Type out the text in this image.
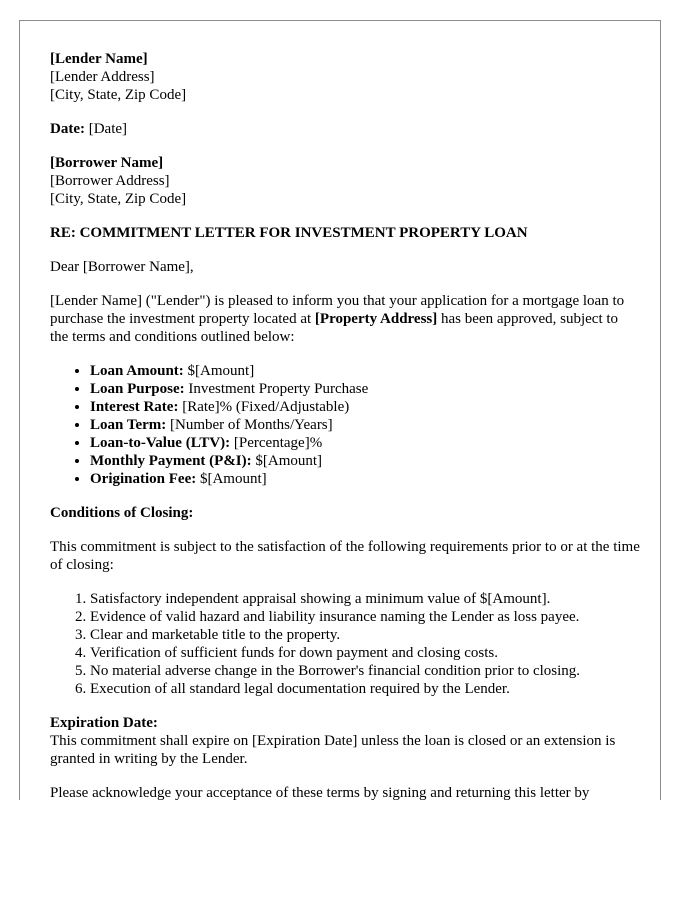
[Lender Name]
[Lender Address]
[City, State, Zip Code]

Date: [Date]

[Borrower Name]
[Borrower Address]
[City, State, Zip Code]

RE: COMMITMENT LETTER FOR INVESTMENT PROPERTY LOAN

Dear [Borrower Name],

[Lender Name] ("Lender") is pleased to inform you that your application for a mortgage loan to purchase the investment property located at [Property Address] has been approved, subject to the terms and conditions outlined below:

• Loan Amount: $[Amount]
• Loan Purpose: Investment Property Purchase
• Interest Rate: [Rate]% (Fixed/Adjustable)
• Loan Term: [Number of Months/Years]
• Loan-to-Value (LTV): [Percentage]%
• Monthly Payment (P&I): $[Amount]
• Origination Fee: $[Amount]

Conditions of Closing:

This commitment is subject to the satisfaction of the following requirements prior to or at the time of closing:

1. Satisfactory independent appraisal showing a minimum value of $[Amount].
2. Evidence of valid hazard and liability insurance naming the Lender as loss payee.
3. Clear and marketable title to the property.
4. Verification of sufficient funds for down payment and closing costs.
5. No material adverse change in the Borrower's financial condition prior to closing.
6. Execution of all standard legal documentation required by the Lender.

Expiration Date:
This commitment shall expire on [Expiration Date] unless the loan is closed or an extension is granted in writing by the Lender.

Please acknowledge your acceptance of these terms by signing and returning this letter by
